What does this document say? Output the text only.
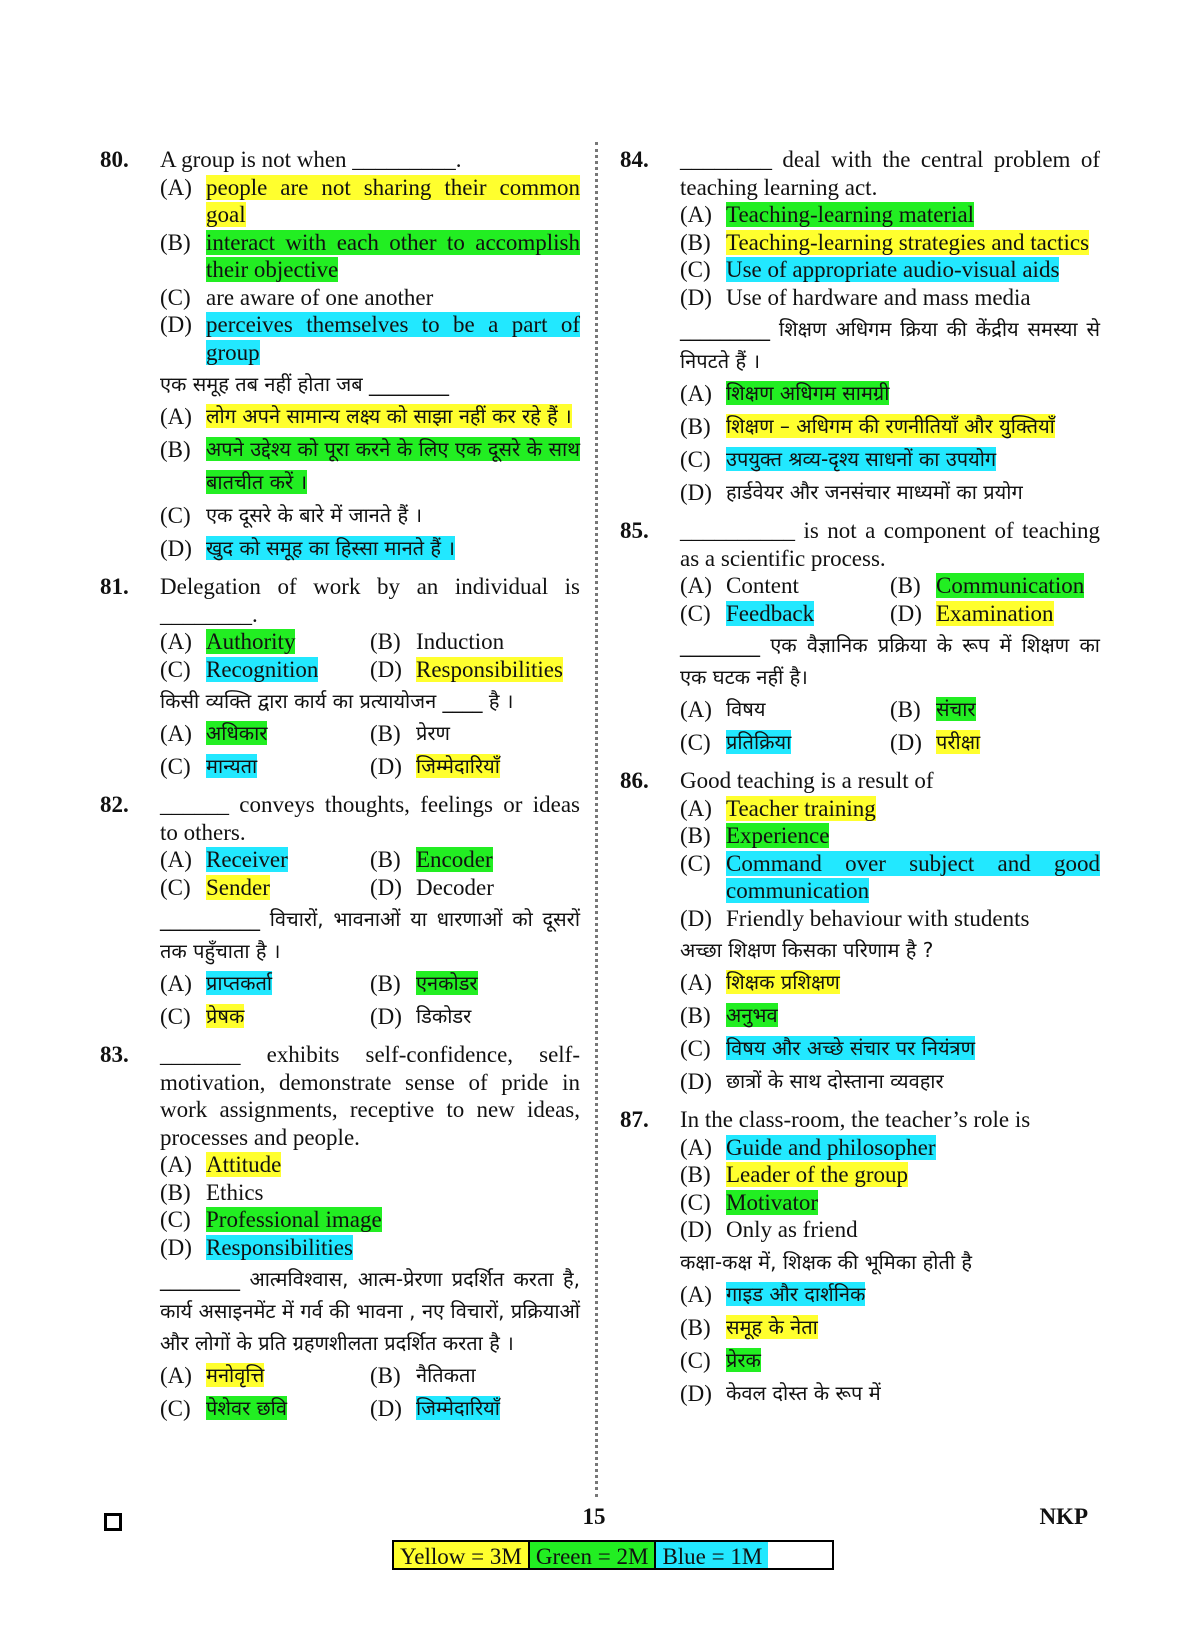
80. A group is not when _________.
(A) people are not sharing their common goal
(B) interact with each other to accomplish their objective
(C) are aware of one another
(D) perceives themselves to be a part of group
एक समूह तब नहीं होता जब ________
(A) लोग अपने सामान्य लक्ष्य को साझा नहीं कर रहे हैं ।
(B) अपने उद्देश्य को पूरा करने के लिए एक दूसरे के साथ बातचीत करें ।
(C) एक दूसरे के बारे में जानते हैं ।
(D) खुद को समूह का हिस्सा मानते हैं ।
81. Delegation of work by an individual is ________.
(A) Authority	(B) Induction
(C) Recognition	(D) Responsibilities
किसी व्यक्ति द्वारा कार्य का प्रत्यायोजन ____ है ।
(A) अधिकार	(B) प्रेरण
(C) मान्यता	(D) जिम्मेदारियाँ
82. ______ conveys thoughts, feelings or ideas to others.
(A) Receiver	(B) Encoder
(C) Sender	(D) Decoder
__________ विचारों, भावनाओं या धारणाओं को दूसरों तक पहुँचाता है ।
(A) प्राप्तकर्ता	(B) एनकोडर
(C) प्रेषक	(D) डिकोडर
83. _______ exhibits self-confidence, self-motivation, demonstrate sense of pride in work assignments, receptive to new ideas, processes and people.
(A) Attitude
(B) Ethics
(C) Professional image
(D) Responsibilities
________ आत्मविश्वास, आत्म-प्रेरणा प्रदर्शित करता है, कार्य असाइनमेंट में गर्व की भावना , नए विचारों, प्रक्रियाओं और लोगों के प्रति ग्रहणशीलता प्रदर्शित करता है ।
(A) मनोवृत्ति	(B) नैतिकता
(C) पेशेवर छवि	(D) जिम्मेदारियाँ
84. ________ deal with the central problem of teaching learning act.
(A) Teaching-learning material
(B) Teaching-learning strategies and tactics
(C) Use of appropriate audio-visual aids
(D) Use of hardware and mass media
_________ शिक्षण अधिगम क्रिया की केंद्रीय समस्या से निपटते हैं ।
(A) शिक्षण अधिगम सामग्री
(B) शिक्षण – अधिगम की रणनीतियाँ और युक्तियाँ
(C) उपयुक्त श्रव्य-दृश्य साधनों का उपयोग
(D) हार्डवेयर और जनसंचार माध्यमों का प्रयोग
85. __________ is not a component of teaching as a scientific process.
(A) Content	(B) Communication
(C) Feedback	(D) Examination
________ एक वैज्ञानिक प्रक्रिया के रूप में शिक्षण का एक घटक नहीं है।
(A) विषय	(B) संचार
(C) प्रतिक्रिया	(D) परीक्षा
86. Good teaching is a result of
(A) Teacher training
(B) Experience
(C) Command over subject and good communication
(D) Friendly behaviour with students
अच्छा शिक्षण किसका परिणाम है ?
(A) शिक्षक प्रशिक्षण
(B) अनुभव
(C) विषय और अच्छे संचार पर नियंत्रण
(D) छात्रों के साथ दोस्ताना व्यवहार
87. In the class-room, the teacher’s role is
(A) Guide and philosopher
(B) Leader of the group
(C) Motivator
(D) Only as friend
कक्षा-कक्ष में, शिक्षक की भूमिका होती है
(A) गाइड और दार्शनिक
(B) समूह के नेता
(C) प्रेरक
(D) केवल दोस्त के रूप में
15	NKP
Yellow = 3M Green = 2M Blue = 1M
